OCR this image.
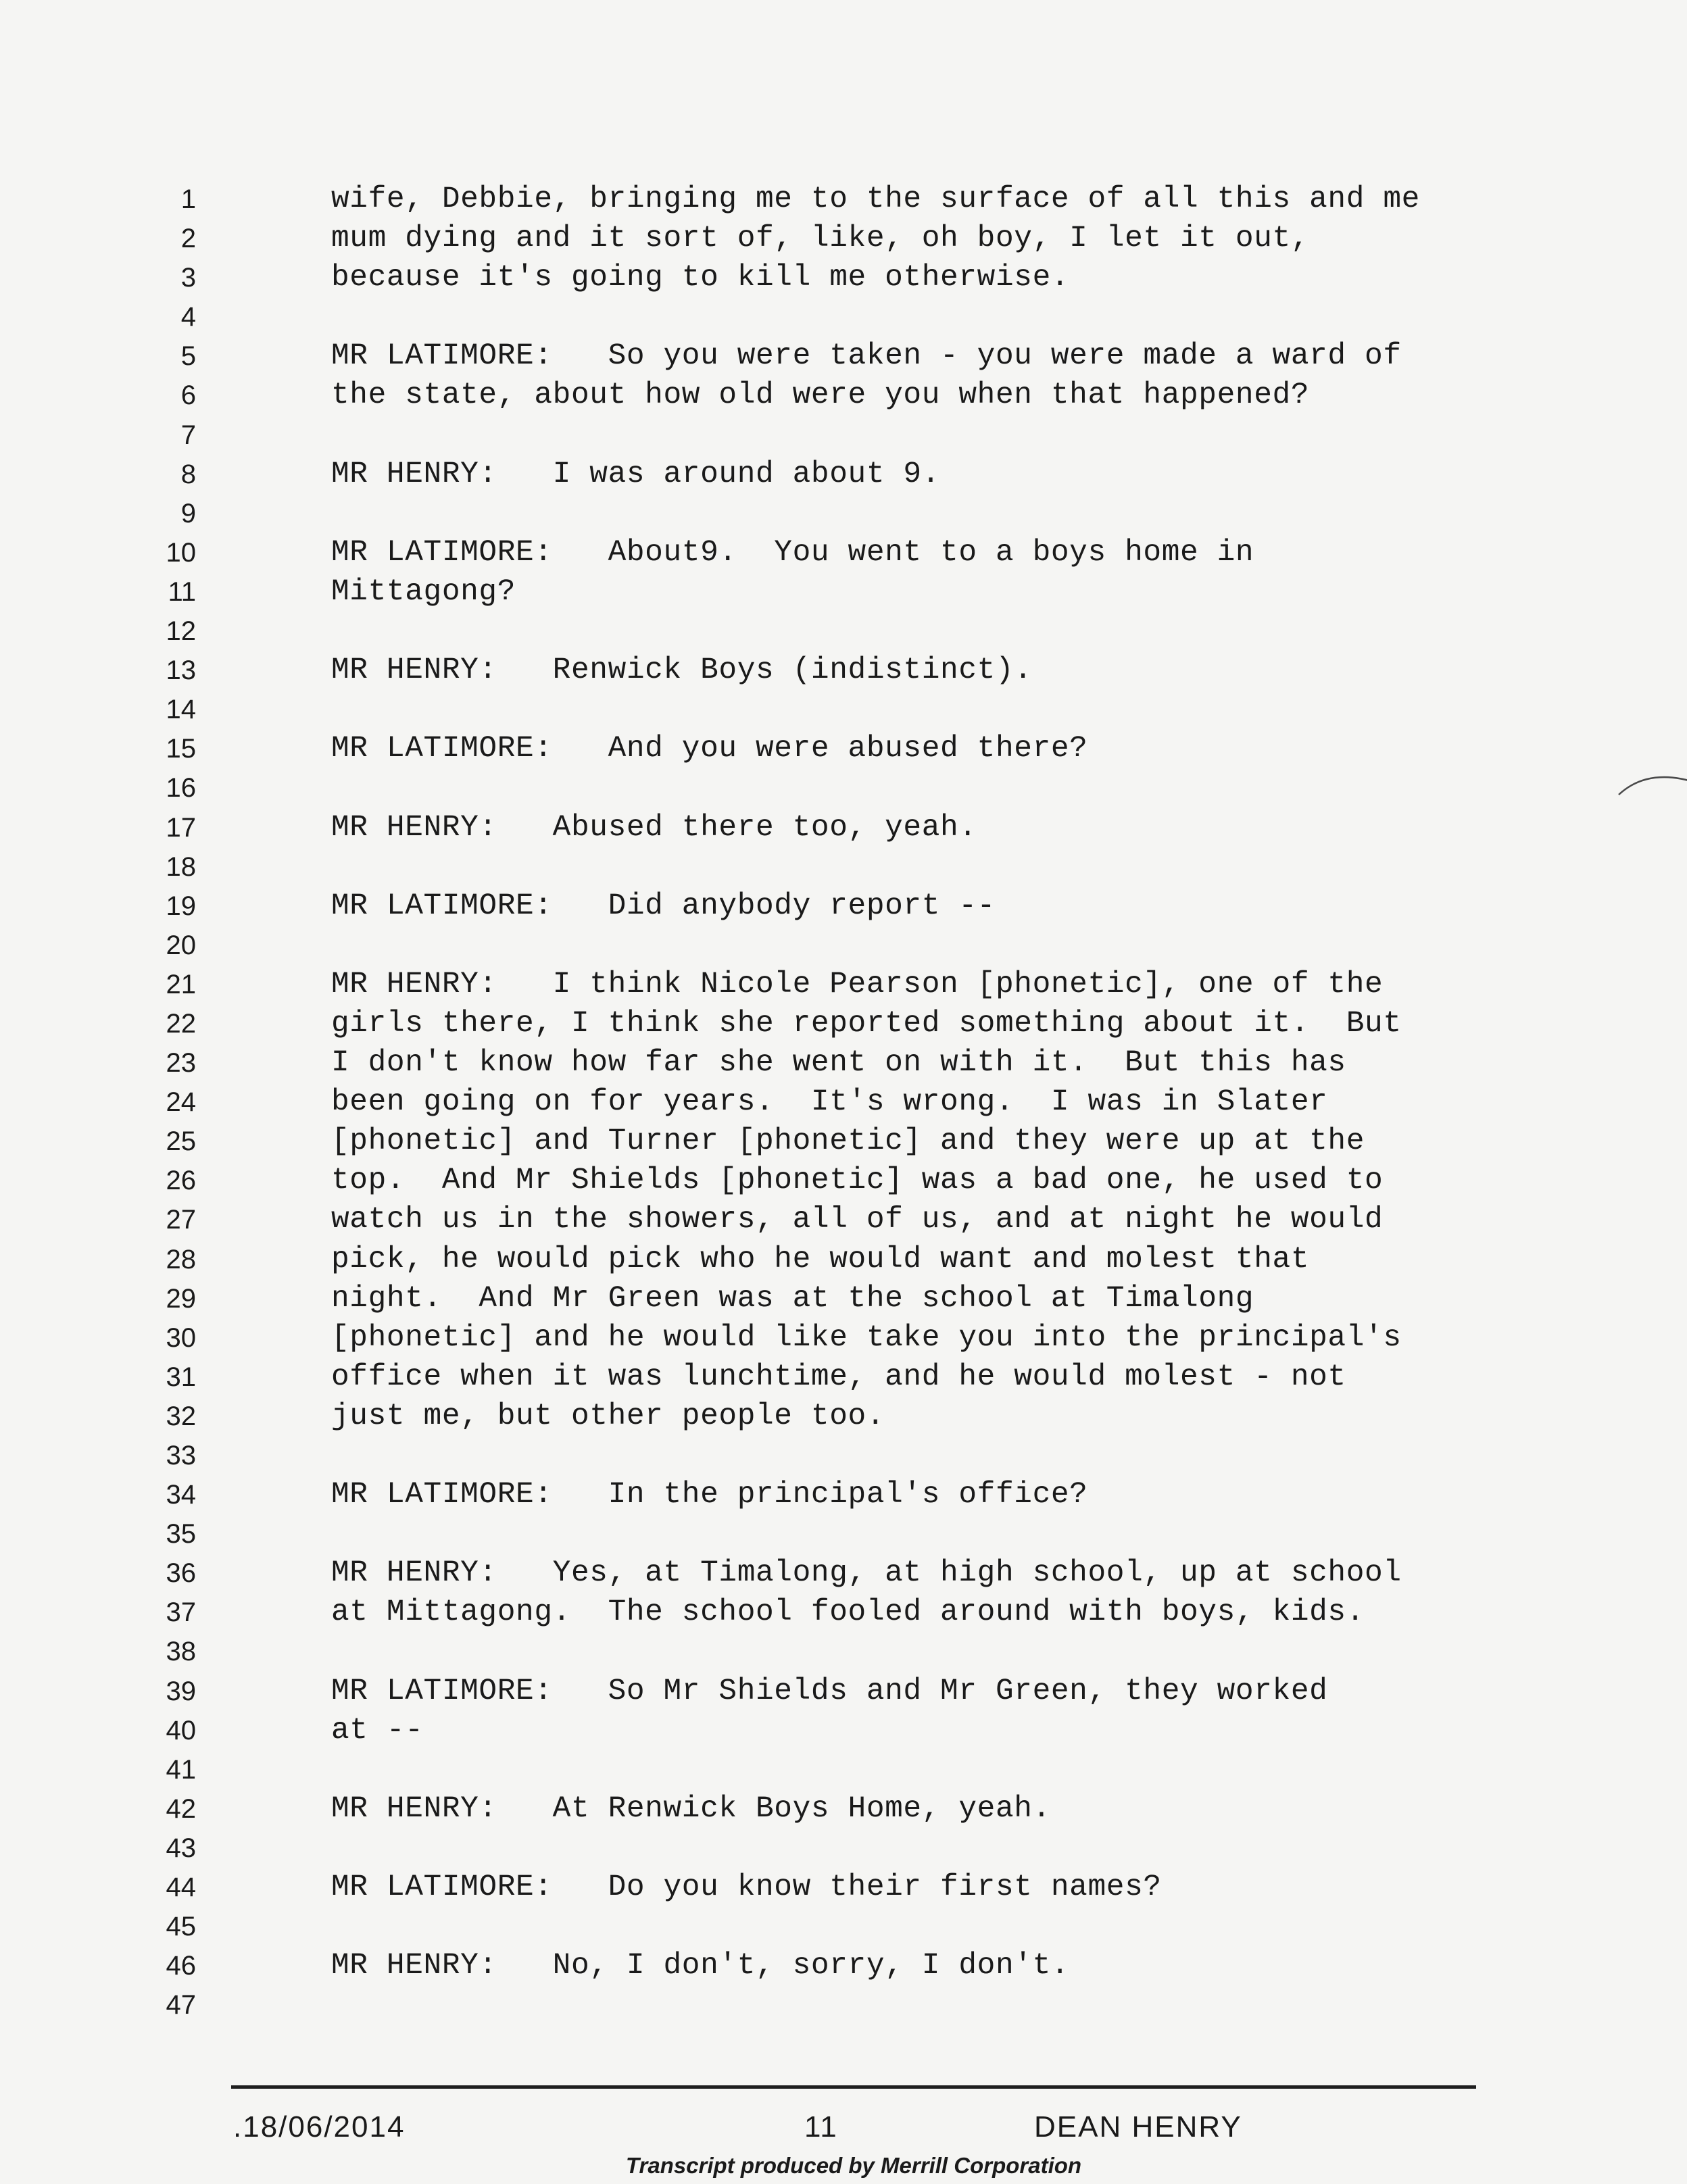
1	wife, Debbie, bringing me to the surface of all this and me
2	mum dying and it sort of, like, oh boy, I let it out,
3	because it's going to kill me otherwise.
4
5	MR LATIMORE:   So you were taken - you were made a ward of
6	the state, about how old were you when that happened?
7
8	MR HENRY:   I was around about 9.
9
10	MR LATIMORE:   About9.  You went to a boys home in
11	Mittagong?
12
13	MR HENRY:   Renwick Boys (indistinct).
14
15	MR LATIMORE:   And you were abused there?
16
17	MR HENRY:   Abused there too, yeah.
18
19	MR LATIMORE:   Did anybody report --
20
21	MR HENRY:   I think Nicole Pearson [phonetic], one of the
22	girls there, I think she reported something about it.  But
23	I don't know how far she went on with it.  But this has
24	been going on for years.  It's wrong.  I was in Slater
25	[phonetic] and Turner [phonetic] and they were up at the
26	top.  And Mr Shields [phonetic] was a bad one, he used to
27	watch us in the showers, all of us, and at night he would
28	pick, he would pick who he would want and molest that
29	night.  And Mr Green was at the school at Timalong
30	[phonetic] and he would like take you into the principal's
31	office when it was lunchtime, and he would molest - not
32	just me, but other people too.
33
34	MR LATIMORE:   In the principal's office?
35
36	MR HENRY:   Yes, at Timalong, at high school, up at school
37	at Mittagong.  The school fooled around with boys, kids.
38
39	MR LATIMORE:   So Mr Shields and Mr Green, they worked
40	at --
41
42	MR HENRY:   At Renwick Boys Home, yeah.
43
44	MR LATIMORE:   Do you know their first names?
45
46	MR HENRY:   No, I don't, sorry, I don't.
47
.18/06/2014	11	DEAN HENRY
Transcript produced by Merrill Corporation
